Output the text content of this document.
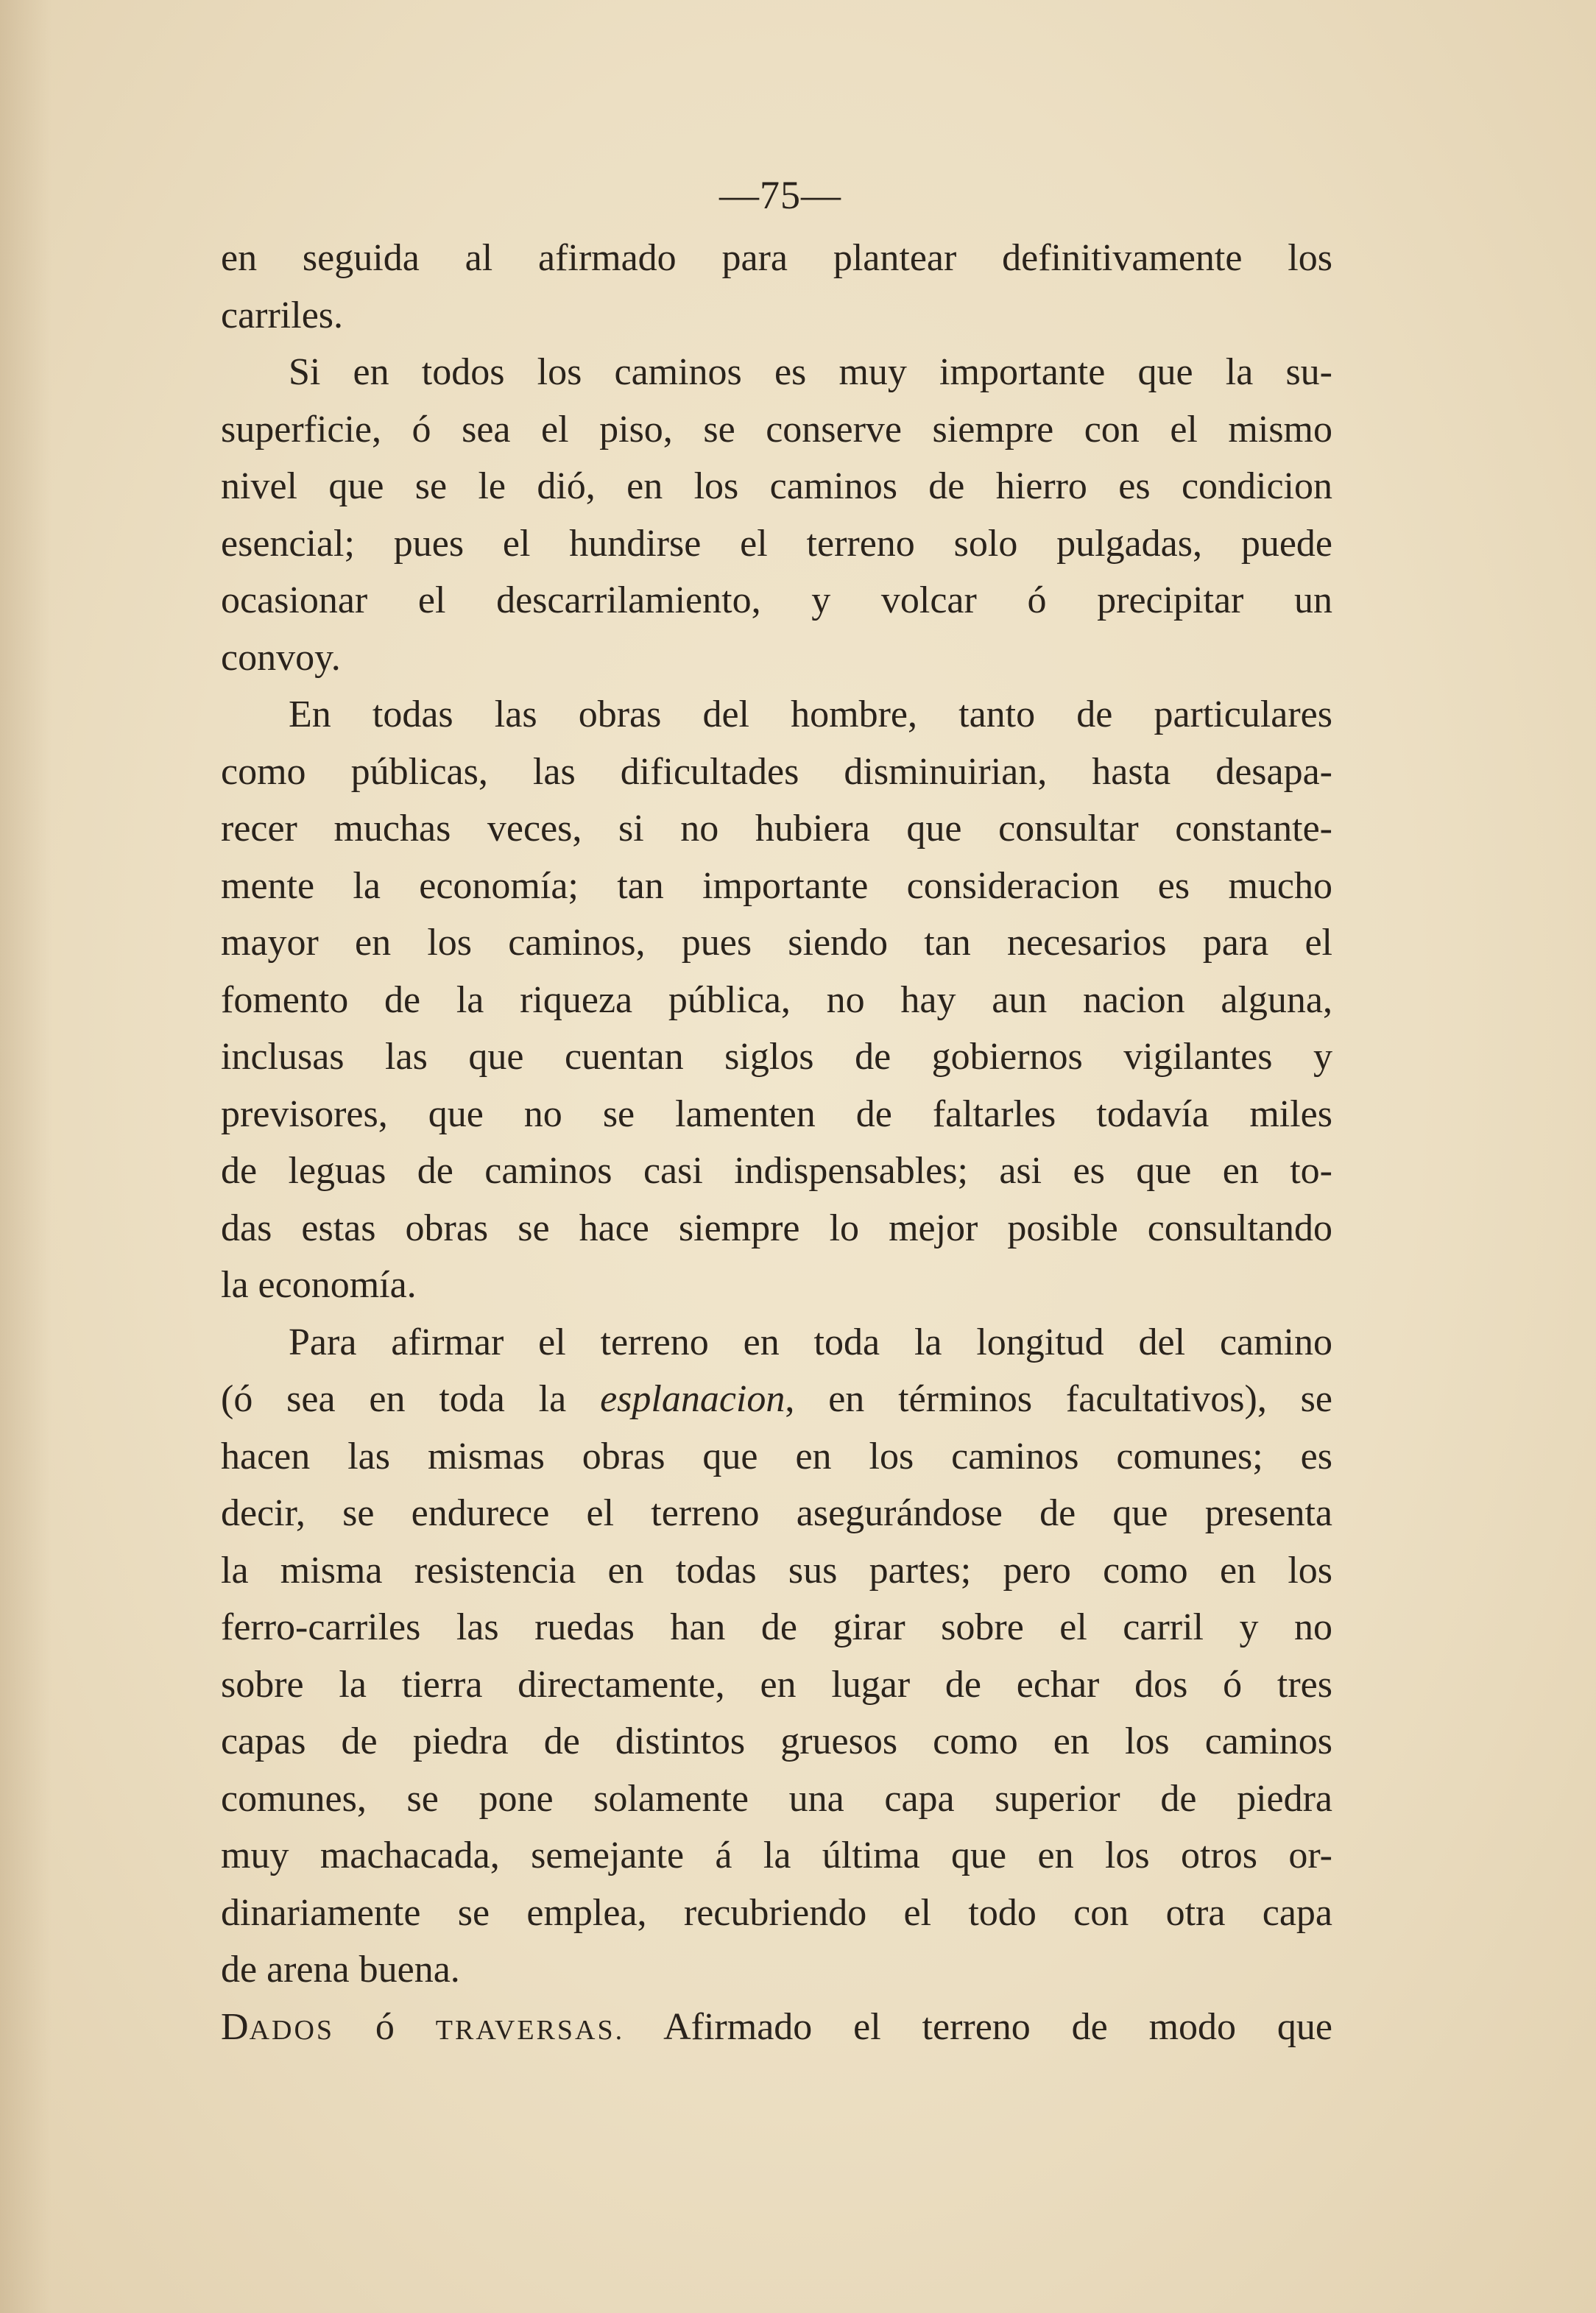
—75—
en seguida al afirmado para plantear definitivamente los
carriles.
Si en todos los caminos es muy importante que la su-
superficie, ó sea el piso, se conserve siempre con el mismo
nivel que se le dió, en los caminos de hierro es condicion
esencial; pues el hundirse el terreno solo pulgadas, puede
ocasionar el descarrilamiento, y volcar ó precipitar un
convoy.
En todas las obras del hombre, tanto de particulares
como públicas, las dificultades disminuirian, hasta desapa-
recer muchas veces, si no hubiera que consultar constante-
mente la economía; tan importante consideracion es mucho
mayor en los caminos, pues siendo tan necesarios para el
fomento de la riqueza pública, no hay aun nacion alguna,
inclusas las que cuentan siglos de gobiernos vigilantes y
previsores, que no se lamenten de faltarles todavía miles
de leguas de caminos casi indispensables; asi es que en to-
das estas obras se hace siempre lo mejor posible consultando
la economía.
Para afirmar el terreno en toda la longitud del camino
(ó sea en toda la esplanacion, en términos facultativos), se
hacen las mismas obras que en los caminos comunes; es
decir, se endurece el terreno asegurándose de que presenta
la misma resistencia en todas sus partes; pero como en los
ferro-carriles las ruedas han de girar sobre el carril y no
sobre la tierra directamente, en lugar de echar dos ó tres
capas de piedra de distintos gruesos como en los caminos
comunes, se pone solamente una capa superior de piedra
muy machacada, semejante á la última que en los otros or-
dinariamente se emplea, recubriendo el todo con otra capa
de arena buena.
DADOS ó TRAVERSAS. Afirmado el terreno de modo que
